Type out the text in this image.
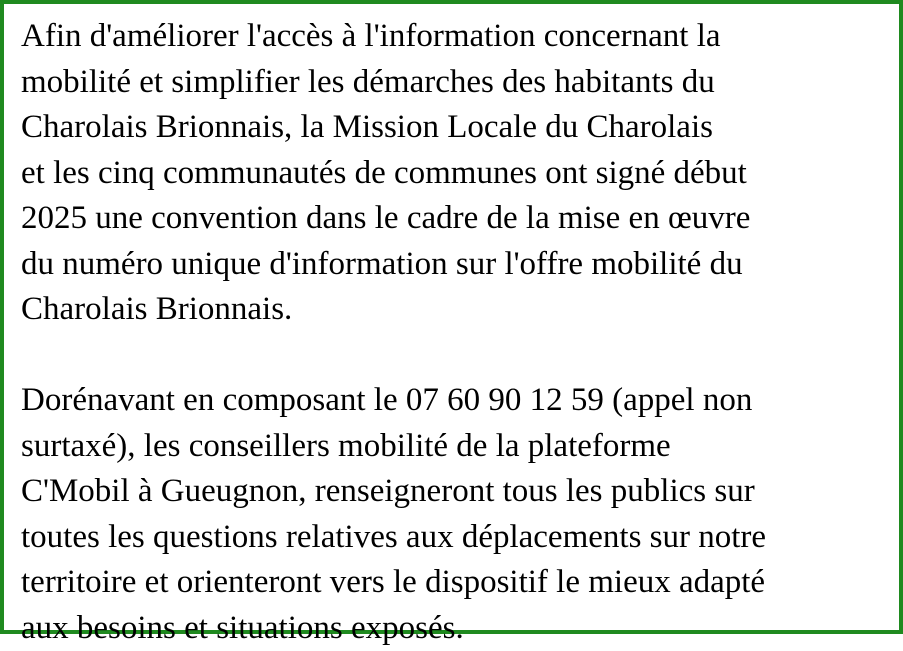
Afin d'améliorer l'accès à l'information concernant la
mobilité et simplifier les démarches des habitants du
Charolais Brionnais, la Mission Locale du Charolais
et les cinq communautés de communes ont signé début
2025 une convention dans le cadre de la mise en œuvre
du numéro unique d'information sur l'offre mobilité du
Charolais Brionnais.
Dorénavant en composant le 07 60 90 12 59 (appel non
surtaxé), les conseillers mobilité de la plateforme
C'Mobil à Gueugnon, renseigneront tous les publics sur
toutes les questions relatives aux déplacements sur notre
territoire et orienteront vers le dispositif le mieux adapté
aux besoins et situations exposés.
